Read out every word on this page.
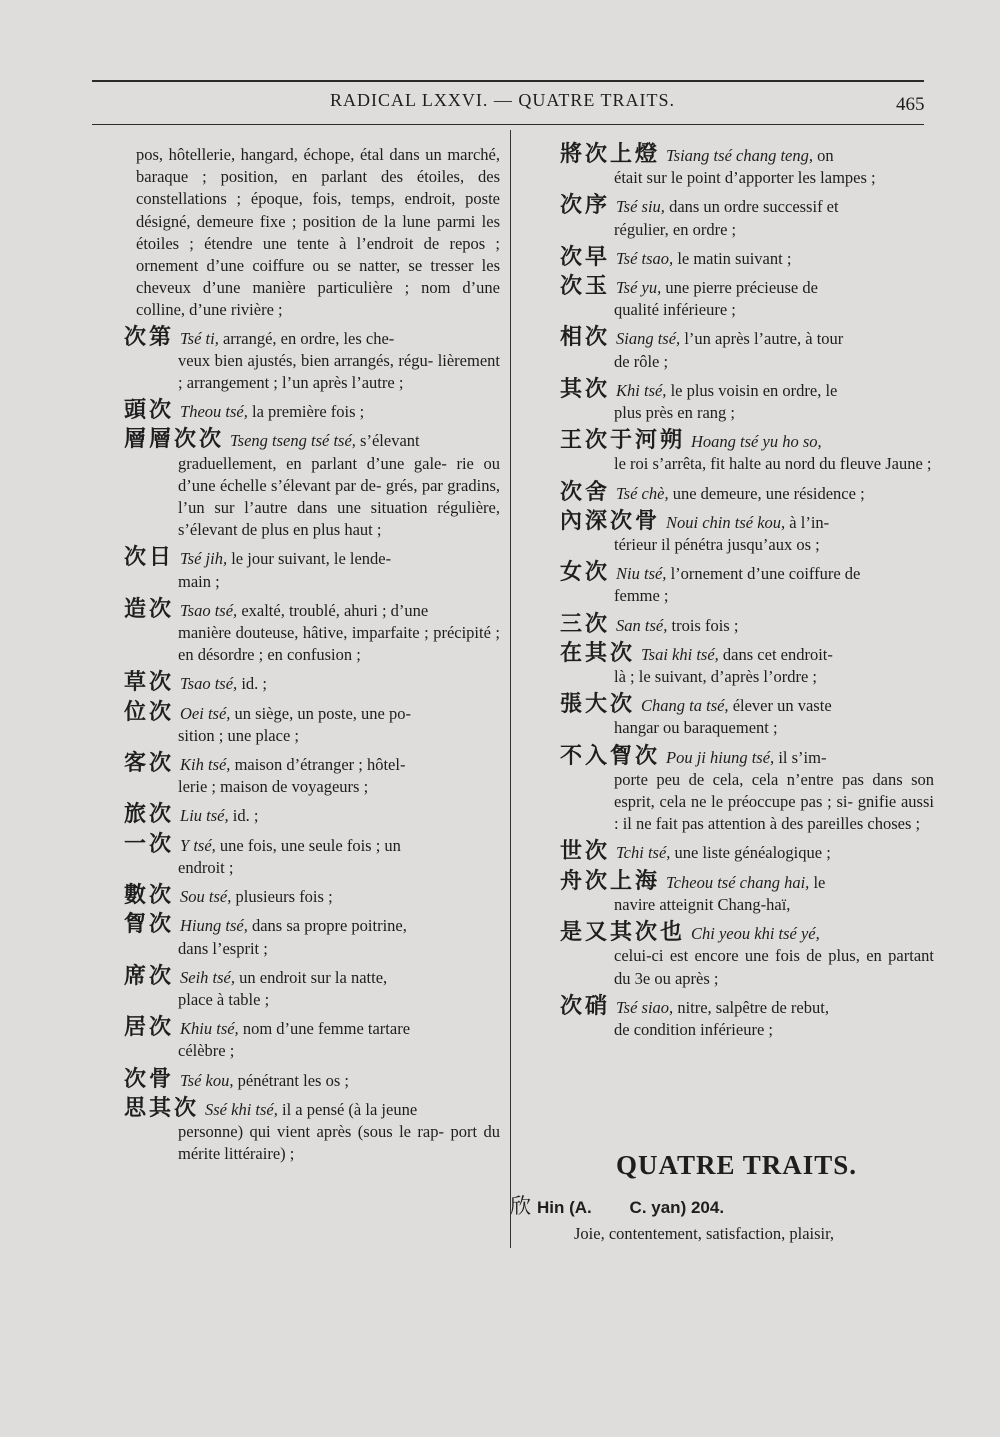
RADICAL LXXVI. — QUATRE TRAITS.	465

pos, hôtellerie, hangard, échope, étal dans un marché, baraque ; position, en parlant des étoiles, des constellations ; époque, fois, temps, endroit, poste désigné, demeure fixe ; position de la lune parmi les étoiles ; étendre une tente à l’endroit de repos ; ornement d’une coiffure ou se natter, se tresser les cheveux d’une manière particulière ; nom d’une colline, d’une rivière ;

次第 Tsé ti, arrangé, en ordre, les che-
veux bien ajustés, bien arrangés, régu- lièrement ; arrangement ; l’un après l’autre ;
頭次 Theou tsé, la première fois ;
層層次次 Tseng tseng tsé tsé, s’élevant
graduellement, en parlant d’une gale- rie ou d’une échelle s’élevant par de- grés, par gradins, l’un sur l’autre dans une situation régulière, s’élevant de plus en plus haut ;
次日 Tsé jih, le jour suivant, le lende-
main ;
造次 Tsao tsé, exalté, troublé, ahuri ; d’une
manière douteuse, hâtive, imparfaite ; précipité ; en désordre ; en confusion ;
草次 Tsao tsé, id. ;
位次 Oei tsé, un siège, un poste, une po-
sition ; une place ;
客次 Kih tsé, maison d’étranger ; hôtel-
lerie ; maison de voyageurs ;
旅次 Liu tsé, id. ;
一次 Y tsé, une fois, une seule fois ; un
endroit ;
數次 Sou tsé, plusieurs fois ;
胷次 Hiung tsé, dans sa propre poitrine,
dans l’esprit ;
席次 Seih tsé, un endroit sur la natte,
place à table ;
居次 Khiu tsé, nom d’une femme tartare
célèbre ;
次骨 Tsé kou, pénétrant les os ;
思其次 Ssé khi tsé, il a pensé (à la jeune
personne) qui vient après (sous le rap- port du mérite littéraire) ;
將次上燈 Tsiang tsé chang teng, on
était sur le point d’apporter les lampes ;
次序 Tsé siu, dans un ordre successif et
régulier, en ordre ;
次早 Tsé tsao, le matin suivant ;
次玉 Tsé yu, une pierre précieuse de
qualité inférieure ;
相次 Siang tsé, l’un après l’autre, à tour
de rôle ;
其次 Khi tsé, le plus voisin en ordre, le
plus près en rang ;
王次于河朔 Hoang tsé yu ho so,
le roi s’arrêta, fit halte au nord du fleuve Jaune ;
次舍 Tsé chè, une demeure, une résidence ;
內深次骨 Noui chin tsé kou, à l’in-
térieur il pénétra jusqu’aux os ;
女次 Niu tsé, l’ornement d’une coiffure de
femme ;
三次 San tsé, trois fois ;
在其次 Tsai khi tsé, dans cet endroit-
là ; le suivant, d’après l’ordre ;
張大次 Chang ta tsé, élever un vaste
hangar ou baraquement ;
不入胷次 Pou ji hiung tsé, il s’im-
porte peu de cela, cela n’entre pas dans son esprit, cela ne le préoccupe pas ; si- gnifie aussi : il ne fait pas attention à des pareilles choses ;
世次 Tchi tsé, une liste généalogique ;
舟次上海 Tcheou tsé chang hai, le
navire atteignit Chang-haï,
是又其次也 Chi yeou khi tsé yé,
celui-ci est encore une fois de plus, en partant du 3e ou après ;
次硝 Tsé siao, nitre, salpêtre de rebut,
de condition inférieure ;
QUATRE TRAITS.
欣 Hin (A.        C. yan) 204.
Joie, contentement, satisfaction, plaisir,
